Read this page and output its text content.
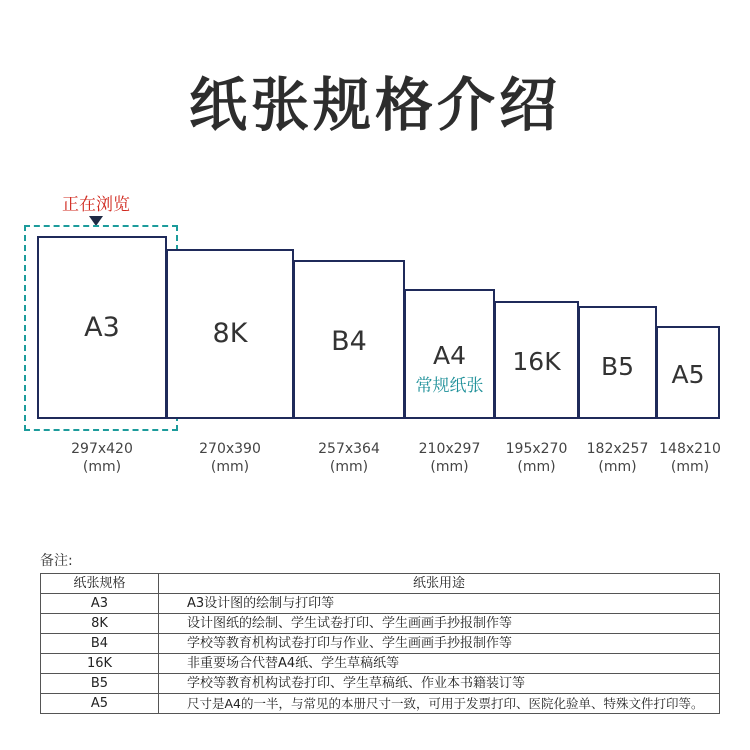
纸张规格介绍
正在浏览
A3	8K	B4	A4
常规纸张
16K	B5	A5
297x420
(mm)
270x390
(mm)
257x364
(mm)
210x297
(mm)
195x270
(mm)
182x257
(mm)
148x210
(mm)
备注:
纸张规格	纸张用途
A3	A3设计图的绘制与打印等
8K	设计图纸的绘制、学生试卷打印、学生画画手抄报制作等
B4	学校等教育机构试卷打印与作业、学生画画手抄报制作等
16K	非重要场合代替A4纸、学生草稿纸等
B5	学校等教育机构试卷打印、学生草稿纸、作业本书籍装订等
A5	尺寸是A4的一半，与常见的本册尺寸一致，可用于发票打印、医院化验单、特殊文件打印等。
